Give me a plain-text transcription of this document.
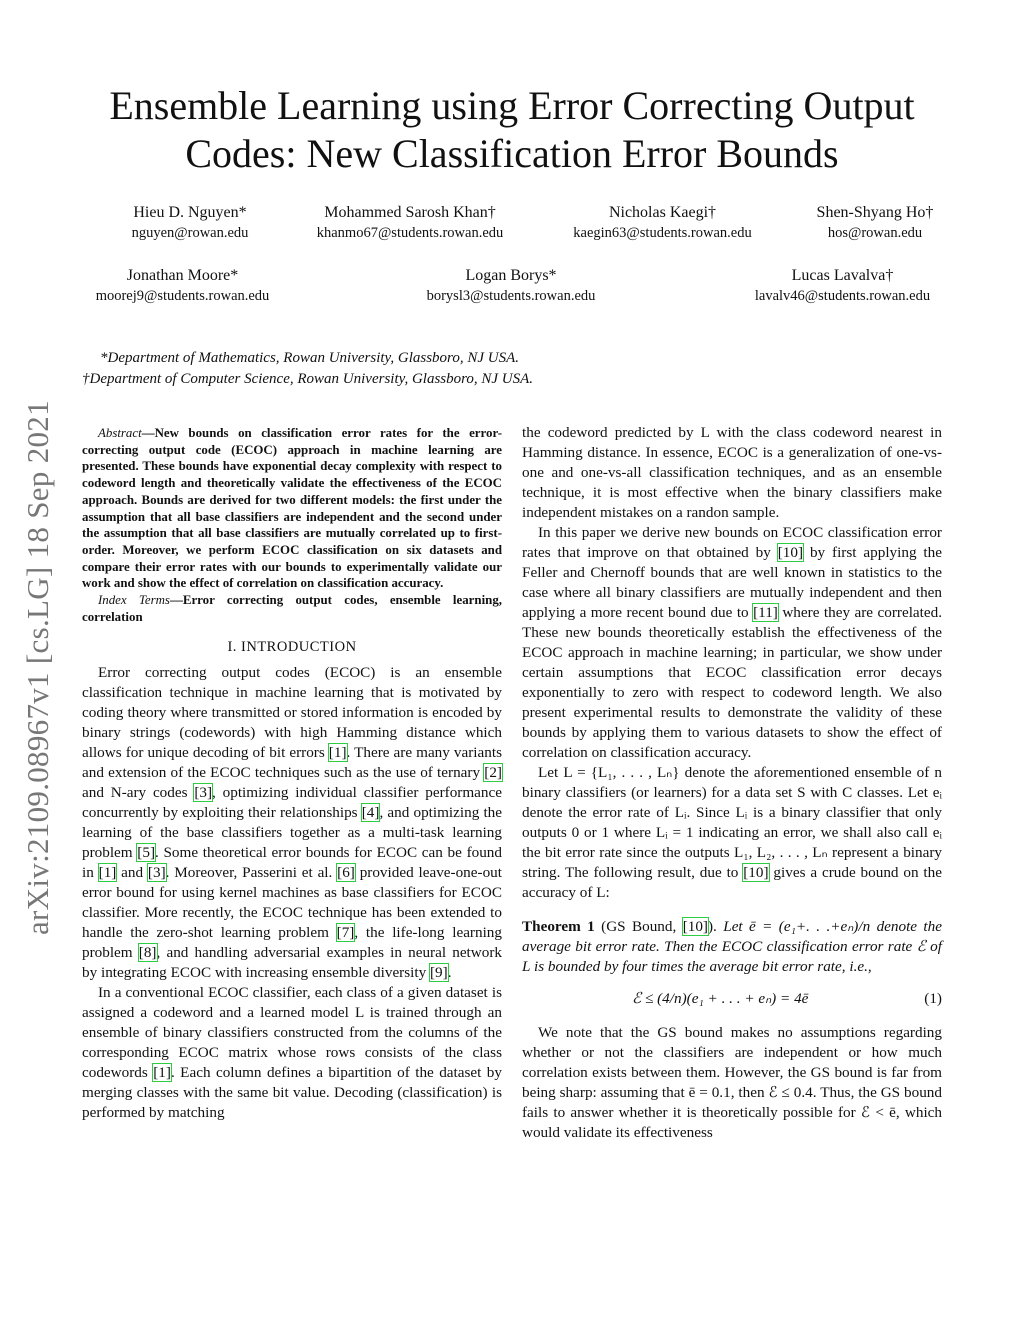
arXiv:2109.08967v1 [cs.LG] 18 Sep 2021
Ensemble Learning using Error Correcting Output Codes: New Classification Error Bounds
Hieu D. Nguyen*
nguyen@rowan.edu
Mohammed Sarosh Khan†
khanmo67@students.rowan.edu
Nicholas Kaegi†
kaegin63@students.rowan.edu
Shen-Shyang Ho†
hos@rowan.edu
Jonathan Moore*
moorej9@students.rowan.edu
Logan Borys*
borysl3@students.rowan.edu
Lucas Lavalva†
lavalv46@students.rowan.edu
*Department of Mathematics, Rowan University, Glassboro, NJ USA.
†Department of Computer Science, Rowan University, Glassboro, NJ USA.

Abstract—New bounds on classification error rates for the error-correcting output code (ECOC) approach in machine learning are presented. These bounds have exponential decay complexity with respect to codeword length and theoretically validate the effectiveness of the ECOC approach. Bounds are derived for two different models: the first under the assumption that all base classifiers are independent and the second under the assumption that all base classifiers are mutually correlated up to first-order. Moreover, we perform ECOC classification on six datasets and compare their error rates with our bounds to experimentally validate our work and show the effect of correlation on classification accuracy.

Index Terms—Error correcting output codes, ensemble learning, correlation

I. INTRODUCTION

Error correcting output codes (ECOC) is an ensemble classification technique in machine learning that is motivated by coding theory where transmitted or stored information is encoded by binary strings (codewords) with high Hamming distance which allows for unique decoding of bit errors [1]. There are many variants and extension of the ECOC techniques such as the use of ternary [2] and N-ary codes [3], optimizing individual classifier performance concurrently by exploiting their relationships [4], and optimizing the learning of the base classifiers together as a multi-task learning problem [5]. Some theoretical error bounds for ECOC can be found in [1] and [3]. Moreover, Passerini et al. [6] provided leave-one-out error bound for using kernel machines as base classifiers for ECOC classifier. More recently, the ECOC technique has been extended to handle the zero-shot learning problem [7], the life-long learning problem [8], and handling adversarial examples in neural network by integrating ECOC with increasing ensemble diversity [9].

In a conventional ECOC classifier, each class of a given dataset is assigned a codeword and a learned model L is trained through an ensemble of binary classifiers constructed from the columns of the corresponding ECOC matrix whose rows consists of the class codewords [1]. Each column defines a bipartition of the dataset by merging classes with the same bit value. Decoding (classification) is performed by matching

the codeword predicted by L with the class codeword nearest in Hamming distance. In essence, ECOC is a generalization of one-vs-one and one-vs-all classification techniques, and as an ensemble technique, it is most effective when the binary classifiers make independent mistakes on a randon sample.

In this paper we derive new bounds on ECOC classification error rates that improve on that obtained by [10] by first applying the Feller and Chernoff bounds that are well known in statistics to the case where all binary classifiers are mutually independent and then applying a more recent bound due to [11] where they are correlated. These new bounds theoretically establish the effectiveness of the ECOC approach in machine learning; in particular, we show under certain assumptions that ECOC classification error decays exponentially to zero with respect to codeword length. We also present experimental results to demonstrate the validity of these bounds by applying them to various datasets to show the effect of correlation on classification accuracy.

Let L = {L₁, . . . , Lₙ} denote the aforementioned ensemble of n binary classifiers (or learners) for a data set S with C classes. Let eᵢ denote the error rate of Lᵢ. Since Lᵢ is a binary classifier that only outputs 0 or 1 where Lᵢ = 1 indicating an error, we shall also call eᵢ the bit error rate since the outputs L₁, L₂, . . . , Lₙ represent a binary string. The following result, due to [10] gives a crude bound on the accuracy of L:

Theorem 1 (GS Bound, [10]). Let ē = (e₁+. . .+eₙ)/n denote the average bit error rate. Then the ECOC classification error rate ℰ of L is bounded by four times the average bit error rate, i.e.,

ℰ ≤ (4/n)(e₁ + . . . + eₙ) = 4ē	(1)

We note that the GS bound makes no assumptions regarding whether or not the classifiers are independent or how much correlation exists between them. However, the GS bound is far from being sharp: assuming that ē = 0.1, then ℰ ≤ 0.4. Thus, the GS bound fails to answer whether it is theoretically possible for ℰ < ē, which would validate its effectiveness
